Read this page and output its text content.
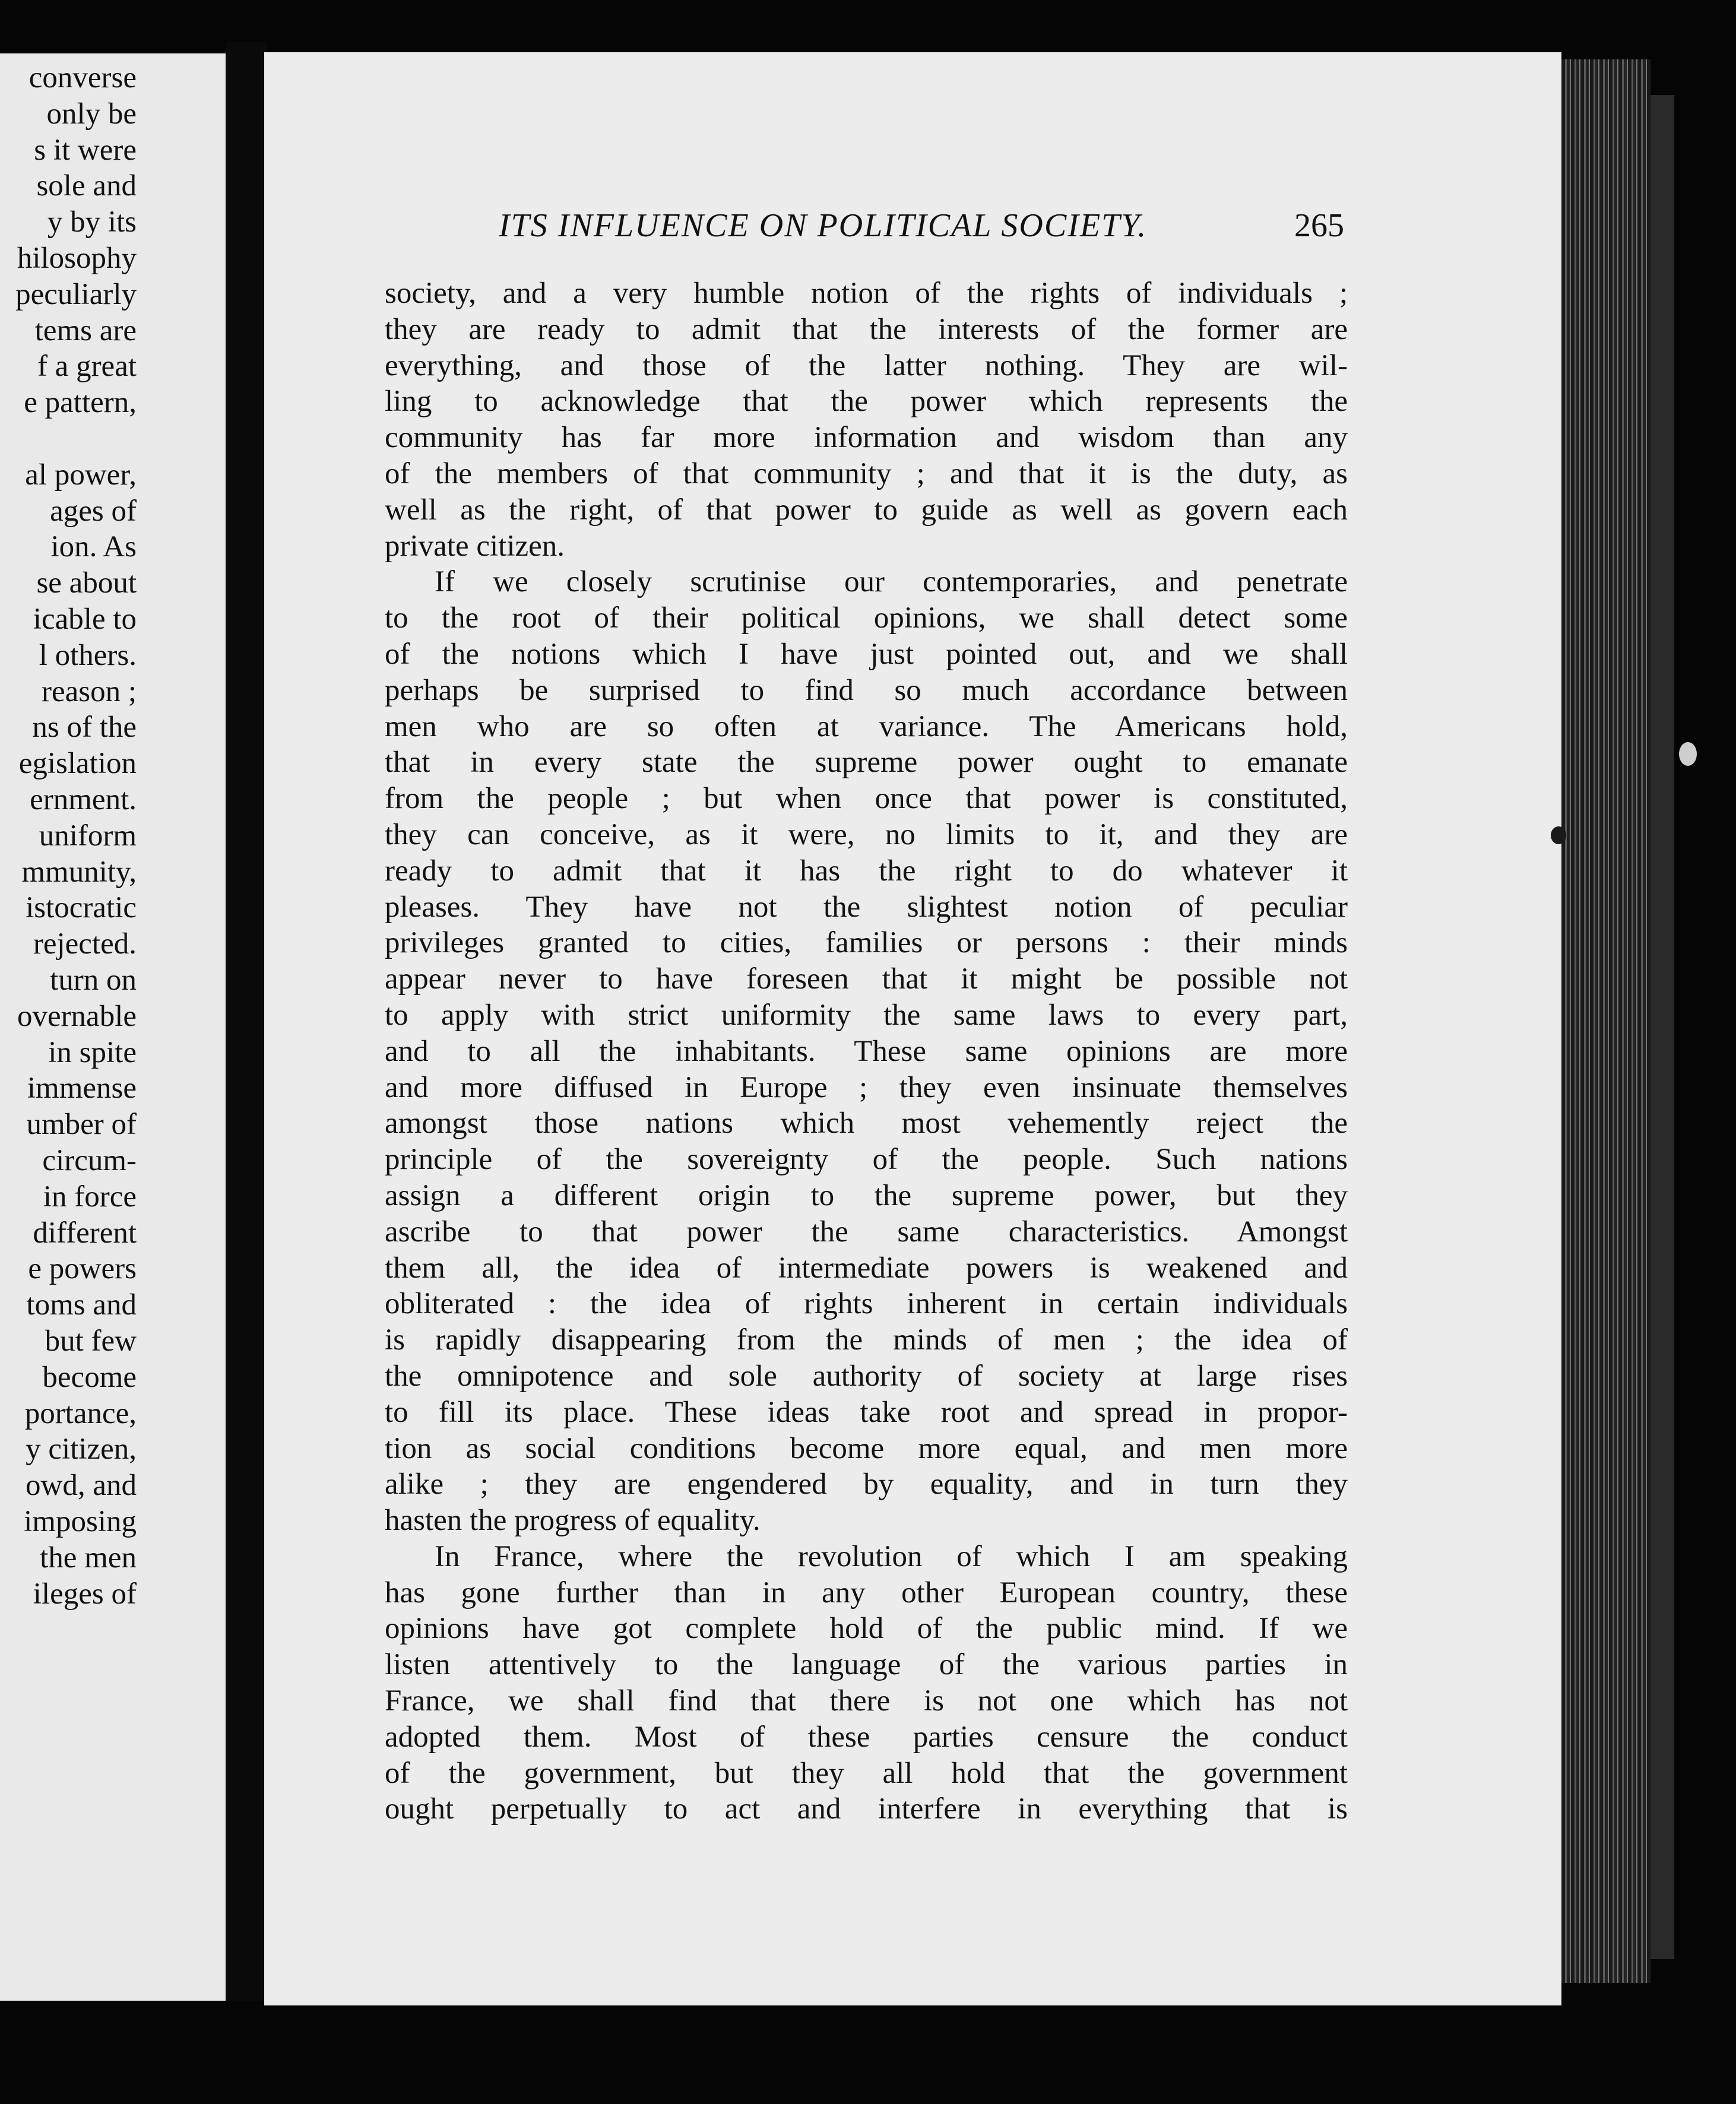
converse
only be
s it were
sole and
y by its
hilosophy
peculiarly
tems are
f a great
e pattern,
al power,
ages of
ion. As
se about
icable to
l others.
reason ;
ns of the
egislation
ernment.
uniform
mmunity,
istocratic
rejected.
turn on
overnable
in spite
immense
umber of
circum-
in force
different
e powers
toms and
but few
become
portance,
y citizen,
owd, and
imposing
the men
ileges of
ITS INFLUENCE ON POLITICAL SOCIETY.	265
society, and a very humble notion of the rights of individuals ;
they are ready to admit that the interests of the former are
everything, and those of the latter nothing. They are wil-
ling to acknowledge that the power which represents the
community has far more information and wisdom than any
of the members of that community ; and that it is the duty, as
well as the right, of that power to guide as well as govern each
private citizen.
If we closely scrutinise our contemporaries, and penetrate
to the root of their political opinions, we shall detect some
of the notions which I have just pointed out, and we shall
perhaps be surprised to find so much accordance between
men who are so often at variance. The Americans hold,
that in every state the supreme power ought to emanate
from the people ; but when once that power is constituted,
they can conceive, as it were, no limits to it, and they are
ready to admit that it has the right to do whatever it
pleases. They have not the slightest notion of peculiar
privileges granted to cities, families or persons : their minds
appear never to have foreseen that it might be possible not
to apply with strict uniformity the same laws to every part,
and to all the inhabitants. These same opinions are more
and more diffused in Europe ; they even insinuate themselves
amongst those nations which most vehemently reject the
principle of the sovereignty of the people. Such nations
assign a different origin to the supreme power, but they
ascribe to that power the same characteristics. Amongst
them all, the idea of intermediate powers is weakened and
obliterated : the idea of rights inherent in certain individuals
is rapidly disappearing from the minds of men ; the idea of
the omnipotence and sole authority of society at large rises
to fill its place. These ideas take root and spread in propor-
tion as social conditions become more equal, and men more
alike ; they are engendered by equality, and in turn they
hasten the progress of equality.
In France, where the revolution of which I am speaking
has gone further than in any other European country, these
opinions have got complete hold of the public mind. If we
listen attentively to the language of the various parties in
France, we shall find that there is not one which has not
adopted them. Most of these parties censure the conduct
of the government, but they all hold that the government
ought perpetually to act and interfere in everything that is
